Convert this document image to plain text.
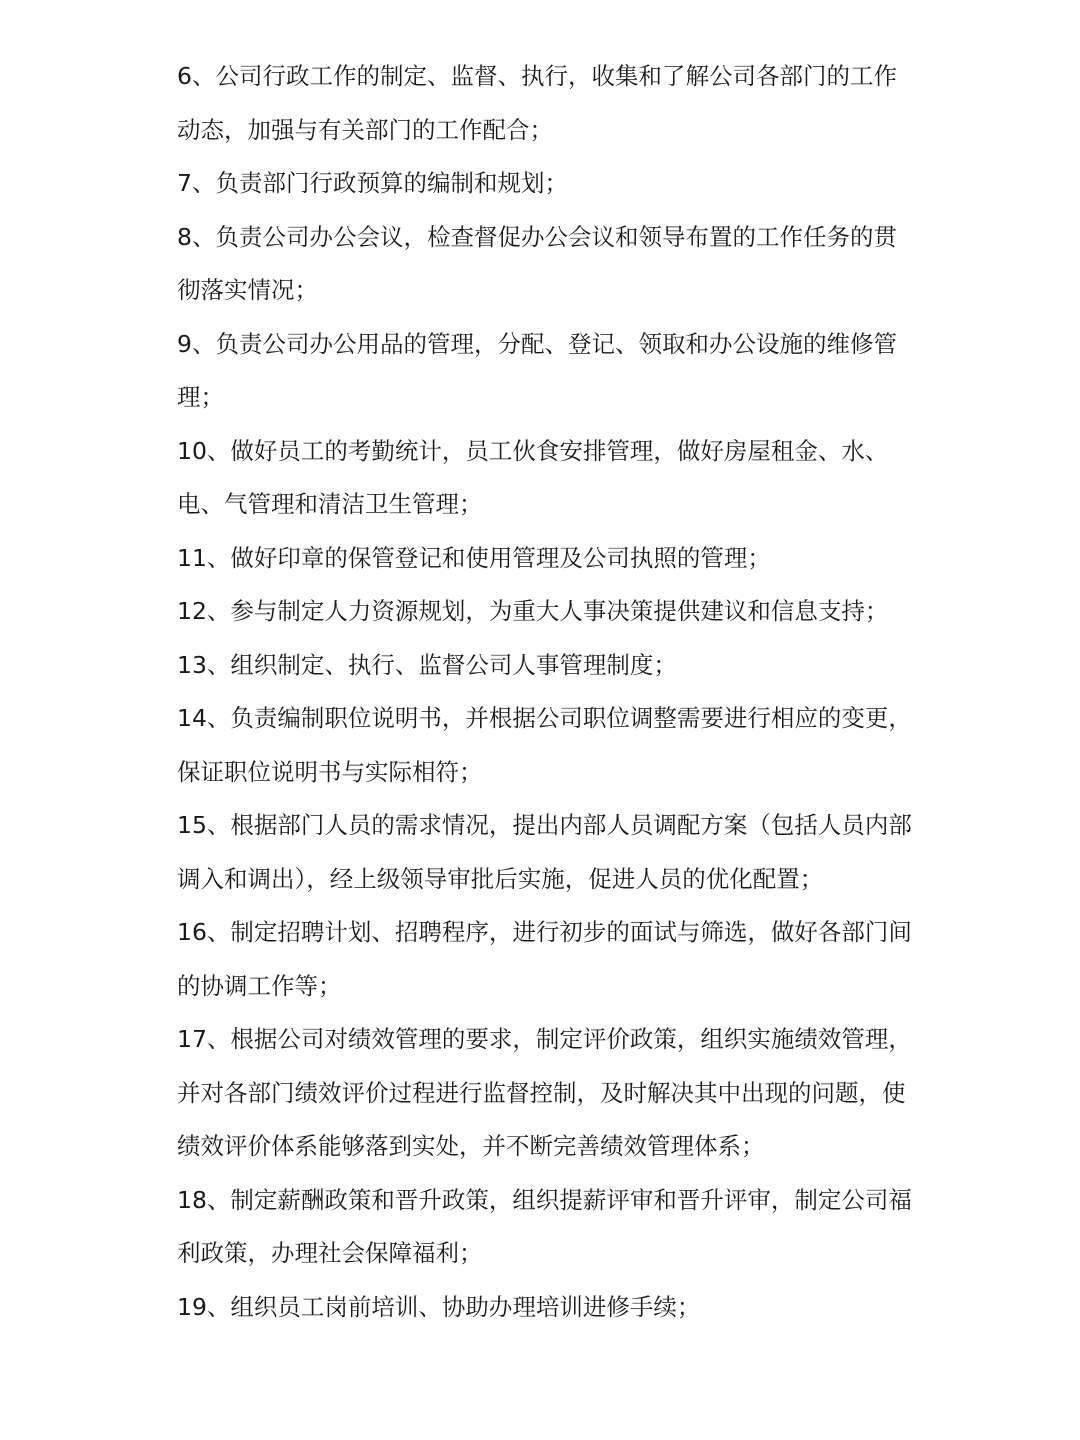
6、公司行政工作的制定、监督、执行，收集和了解公司各部门的工作动态，加强与有关部门的工作配合；

7、负责部门行政预算的编制和规划；

8、负责公司办公会议，检查督促办公会议和领导布置的工作任务的贯彻落实情况；

9、负责公司办公用品的管理，分配、登记、领取和办公设施的维修管理；

10、做好员工的考勤统计，员工伙食安排管理，做好房屋租金、水、电、气管理和清洁卫生管理；

11、做好印章的保管登记和使用管理及公司执照的管理；

12、参与制定人力资源规划，为重大人事决策提供建议和信息支持；

13、组织制定、执行、监督公司人事管理制度；

14、负责编制职位说明书，并根据公司职位调整需要进行相应的变更，保证职位说明书与实际相符；

15、根据部门人员的需求情况，提出内部人员调配方案（包括人员内部调入和调出），经上级领导审批后实施，促进人员的优化配置；

16、制定招聘计划、招聘程序，进行初步的面试与筛选，做好各部门间的协调工作等；

17、根据公司对绩效管理的要求，制定评价政策，组织实施绩效管理，并对各部门绩效评价过程进行监督控制，及时解决其中出现的问题，使绩效评价体系能够落到实处，并不断完善绩效管理体系；

18、制定薪酬政策和晋升政策，组织提薪评审和晋升评审，制定公司福利政策，办理社会保障福利；

19、组织员工岗前培训、协助办理培训进修手续；
